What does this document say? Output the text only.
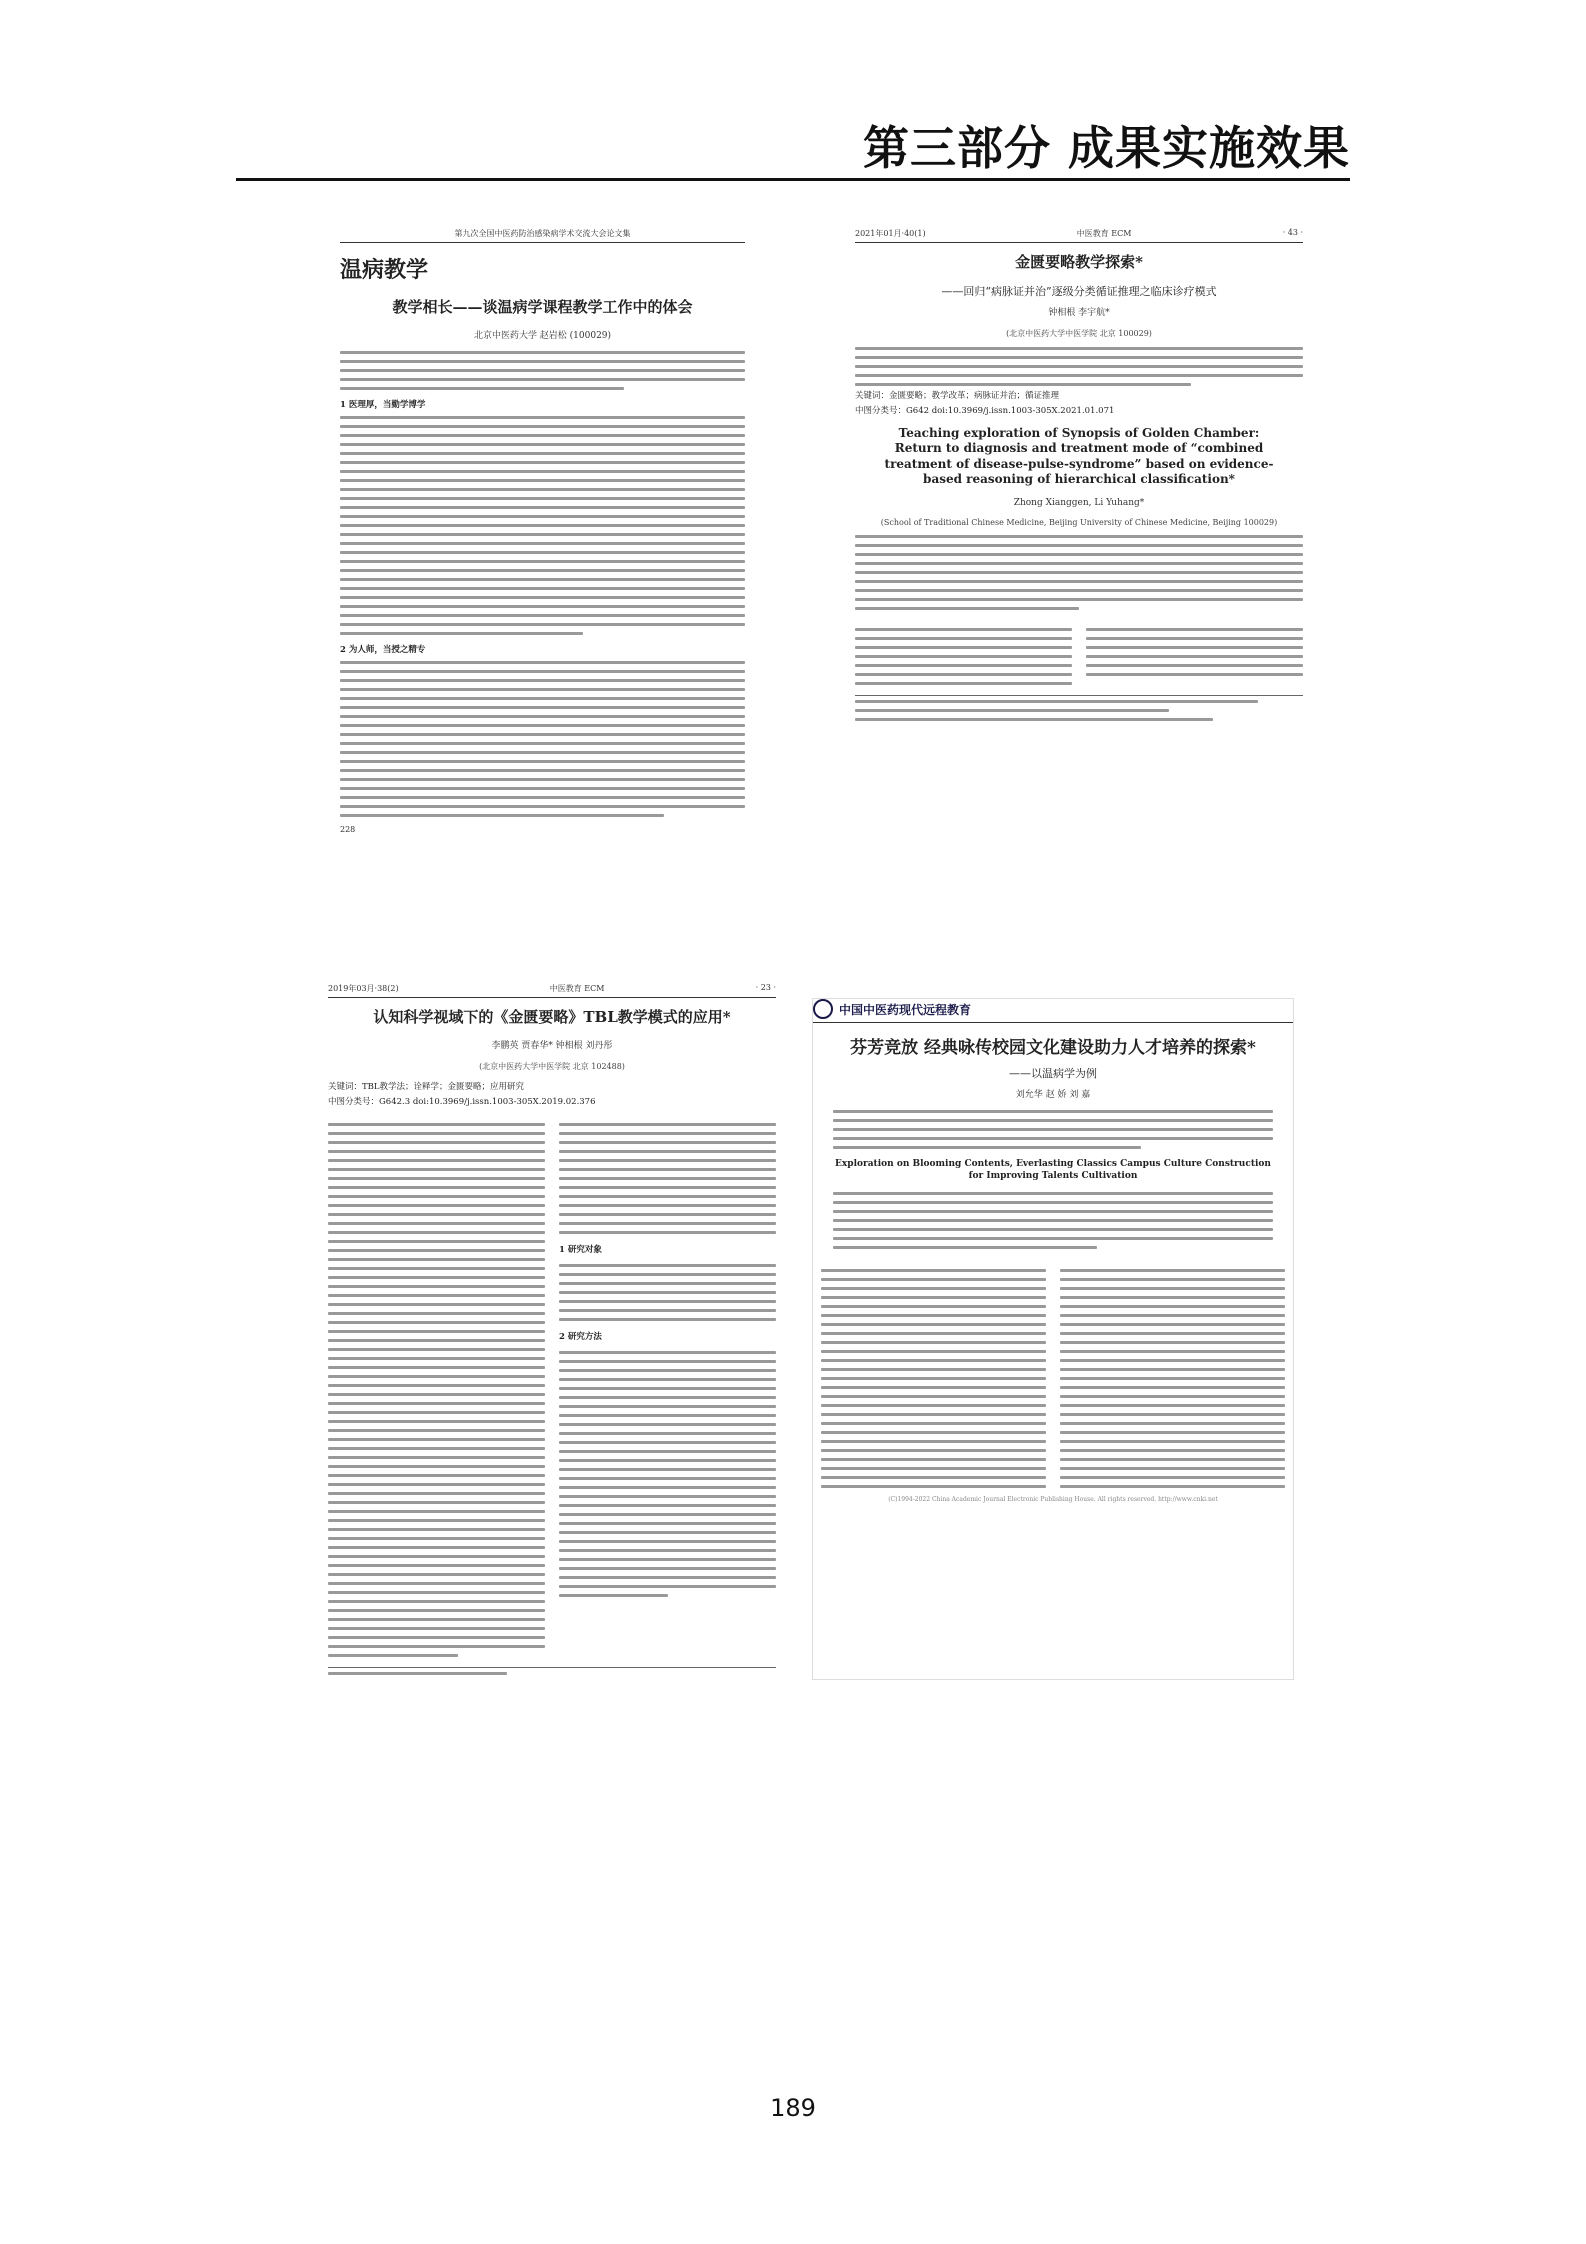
第三部分 成果实施效果
第九次全国中医药防治感染病学术交流大会论文集
温病教学
教学相长——谈温病学课程教学工作中的体会
北京中医药大学 赵岩松 (100029)
1 医理厚，当勤学博学
2 为人师，当授之精专
228
2021年01月·40(1)	中医教育 ECM	· 43 ·
金匮要略教学探索*
——回归“病脉证并治”逐级分类循证推理之临床诊疗模式
钟相根 李宇航*
(北京中医药大学中医学院 北京 100029)
关键词：金匮要略；教学改革；病脉证并治；循证推理
中图分类号：G642 doi:10.3969/j.issn.1003-305X.2021.01.071
Teaching exploration of Synopsis of Golden Chamber: Return to diagnosis and treatment mode of “combined treatment of disease-pulse-syndrome” based on evidence-based reasoning of hierarchical classification*
Zhong Xianggen, Li Yuhang*
(School of Traditional Chinese Medicine, Beijing University of Chinese Medicine, Beijing 100029)
2019年03月·38(2)	中医教育 ECM	· 23 ·
认知科学视域下的《金匮要略》TBL教学模式的应用*
李鹏英 贾春华* 钟相根 刘丹彤
(北京中医药大学中医学院 北京 102488)
关键词：TBL教学法；诠释学；金匮要略；应用研究
中图分类号：G642.3 doi:10.3969/j.issn.1003-305X.2019.02.376
1 研究对象
2 研究方法
中国中医药现代远程教育
芬芳竞放 经典咏传校园文化建设助力人才培养的探索*
——以温病学为例
刘允华 赵 娇 刘 嘉
Exploration on Blooming Contents, Everlasting Classics Campus Culture Construction for Improving Talents Cultivation
(C)1994-2022 China Academic Journal Electronic Publishing House. All rights reserved. http://www.cnki.net
189
